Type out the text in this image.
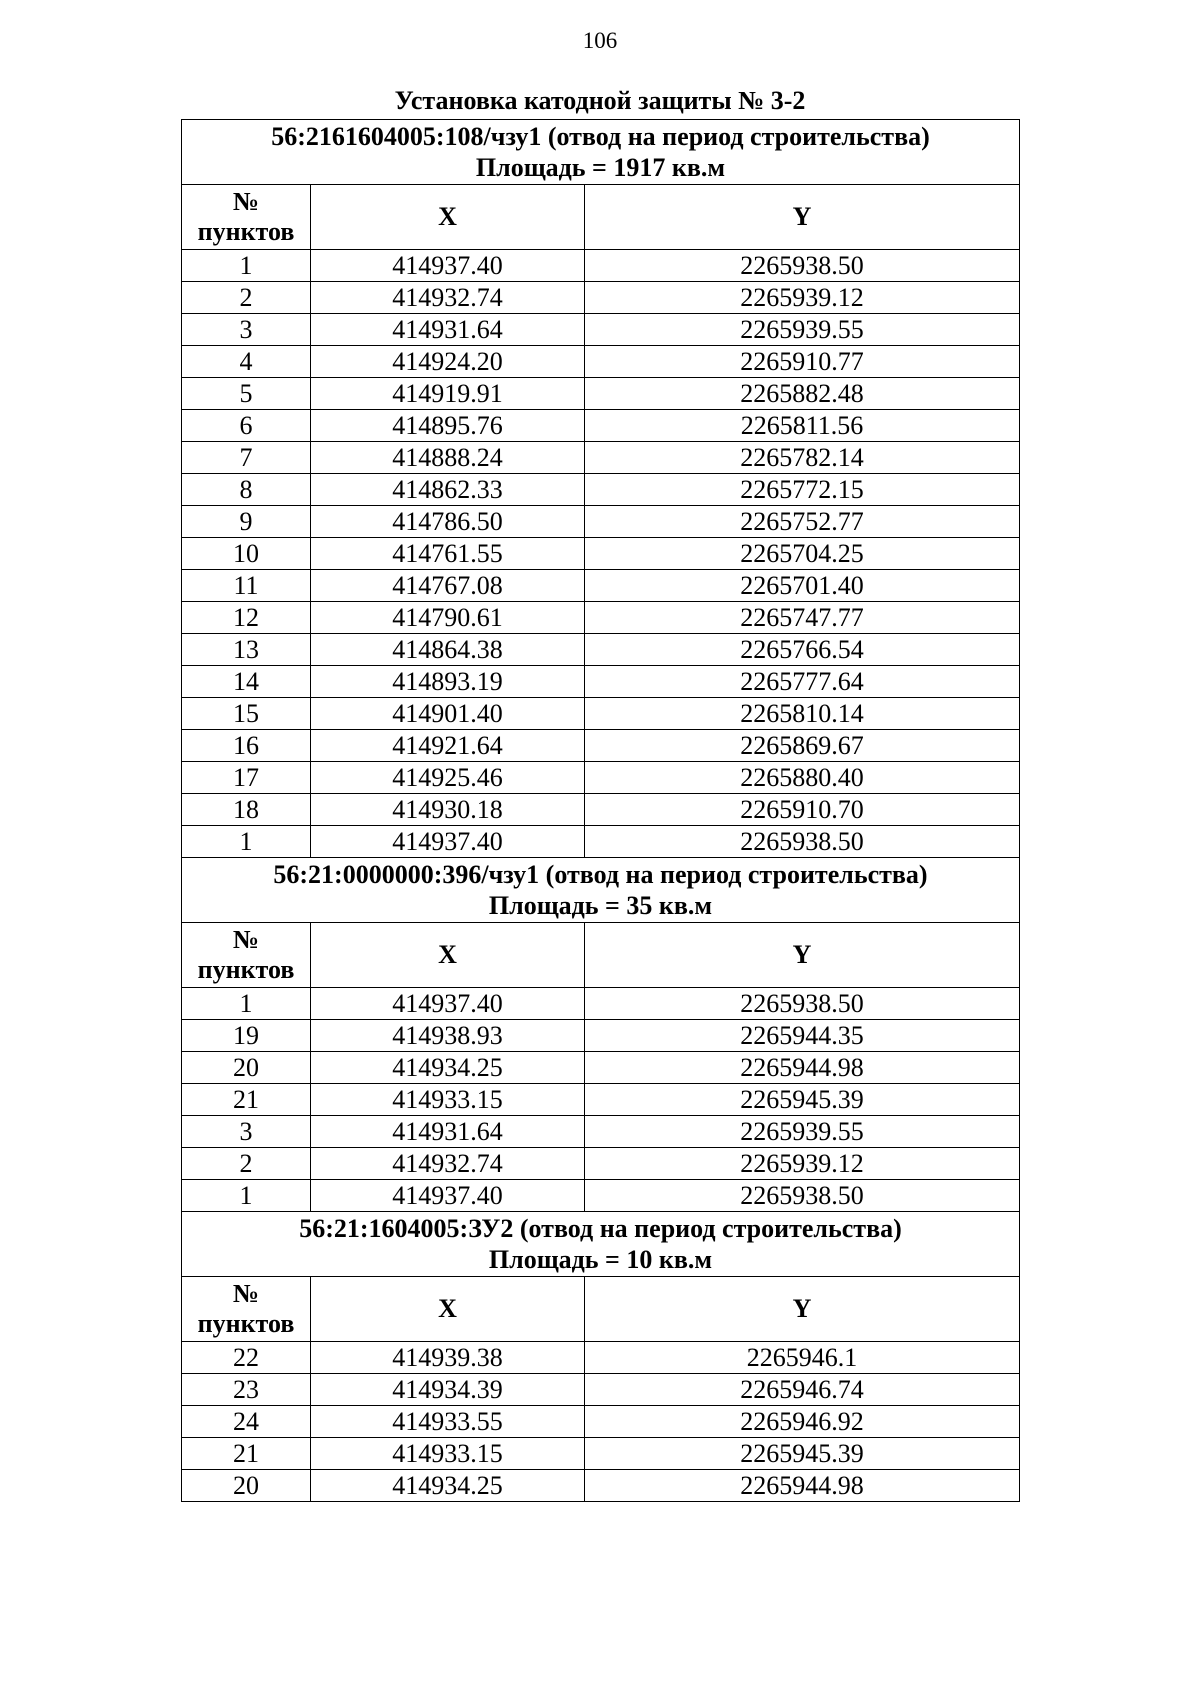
106
Установка катодной защиты № 3-2
56:2161604005:108/чзу1 (отвод на период строительства)
Площадь = 1917 кв.м		

№
пунктов	X	Y
1	414937.40	2265938.50
2	414932.74	2265939.12
3	414931.64	2265939.55
4	414924.20	2265910.77
5	414919.91	2265882.48
6	414895.76	2265811.56
7	414888.24	2265782.14
8	414862.33	2265772.15
9	414786.50	2265752.77
10	414761.55	2265704.25
11	414767.08	2265701.40
12	414790.61	2265747.77
13	414864.38	2265766.54
14	414893.19	2265777.64
15	414901.40	2265810.14
16	414921.64	2265869.67
17	414925.46	2265880.40
18	414930.18	2265910.70
1	414937.40	2265938.50

56:21:0000000:396/чзу1 (отвод на период строительства)
Площадь = 35 кв.м		

№
пунктов	X	Y
1	414937.40	2265938.50
19	414938.93	2265944.35
20	414934.25	2265944.98
21	414933.15	2265945.39
3	414931.64	2265939.55
2	414932.74	2265939.12
1	414937.40	2265938.50

56:21:1604005:ЗУ2 (отвод на период строительства)
Площадь = 10 кв.м		

№
пунктов	X	Y
22	414939.38	2265946.1
23	414934.39	2265946.74
24	414933.55	2265946.92
21	414933.15	2265945.39
20	414934.25	2265944.98
